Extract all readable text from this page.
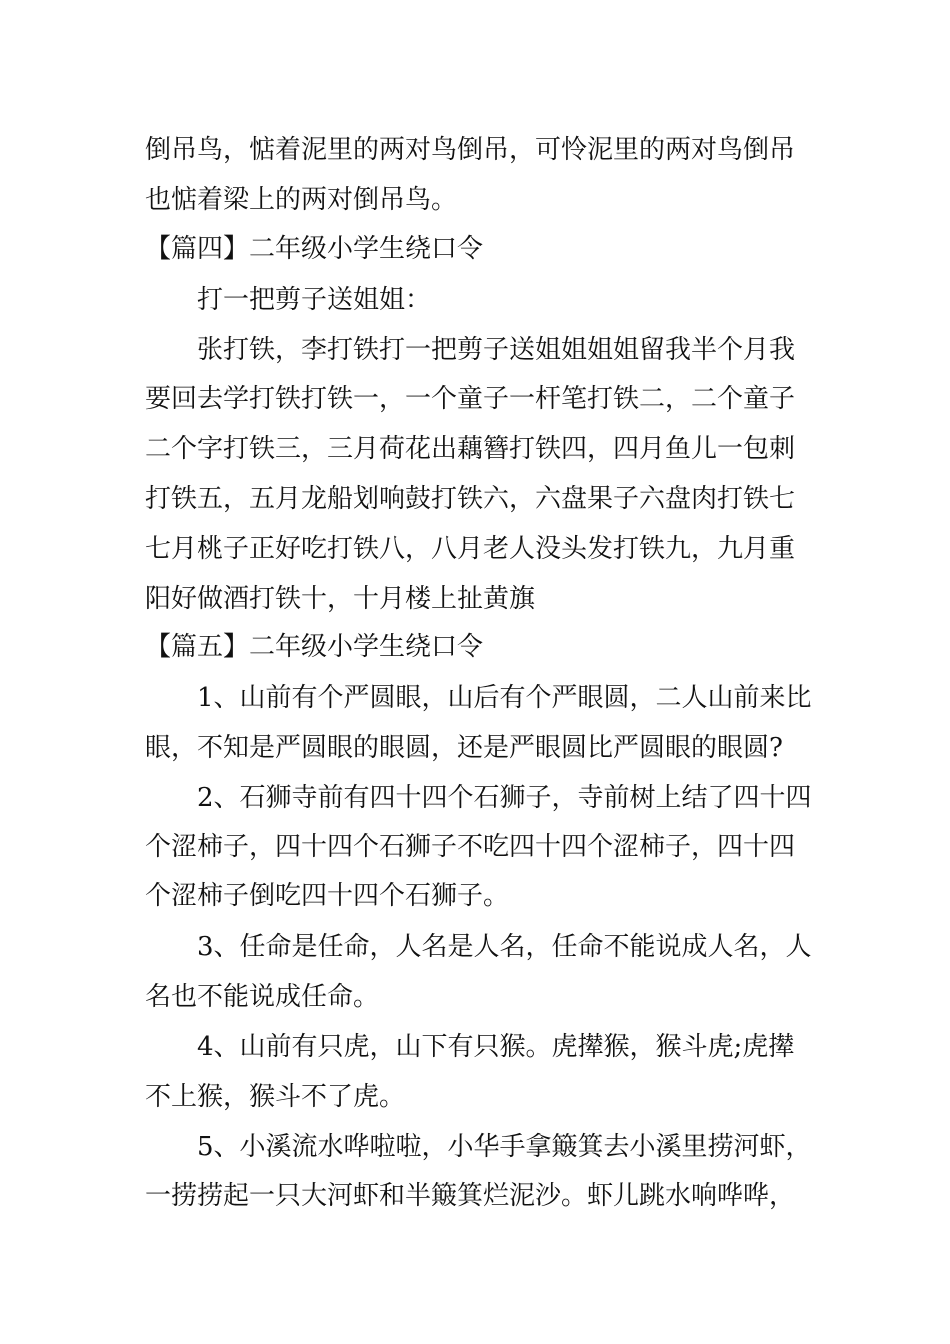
倒吊鸟，惦着泥里的两对鸟倒吊，可怜泥里的两对鸟倒吊
也惦着梁上的两对倒吊鸟。
【篇四】二年级小学生绕口令
打一把剪子送姐姐：
张打铁，李打铁打一把剪子送姐姐姐姐留我半个月我
要回去学打铁打铁一，一个童子一杆笔打铁二，二个童子
二个字打铁三，三月荷花出藕簪打铁四，四月鱼儿一包刺
打铁五，五月龙船划响鼓打铁六，六盘果子六盘肉打铁七
七月桃子正好吃打铁八，八月老人没头发打铁九，九月重
阳好做酒打铁十，十月楼上扯黄旗
【篇五】二年级小学生绕口令
1、山前有个严圆眼，山后有个严眼圆，二人山前来比
眼，不知是严圆眼的眼圆，还是严眼圆比严圆眼的眼圆?
2、石狮寺前有四十四个石狮子，寺前树上结了四十四
个涩柿子，四十四个石狮子不吃四十四个涩柿子，四十四
个涩柿子倒吃四十四个石狮子。
3、任命是任命，人名是人名，任命不能说成人名，人
名也不能说成任命。
4、山前有只虎，山下有只猴。虎撵猴，猴斗虎;虎撵
不上猴，猴斗不了虎。
5、小溪流水哗啦啦，小华手拿簸箕去小溪里捞河虾，
一捞捞起一只大河虾和半簸箕烂泥沙。虾儿跳水响哗哗，
